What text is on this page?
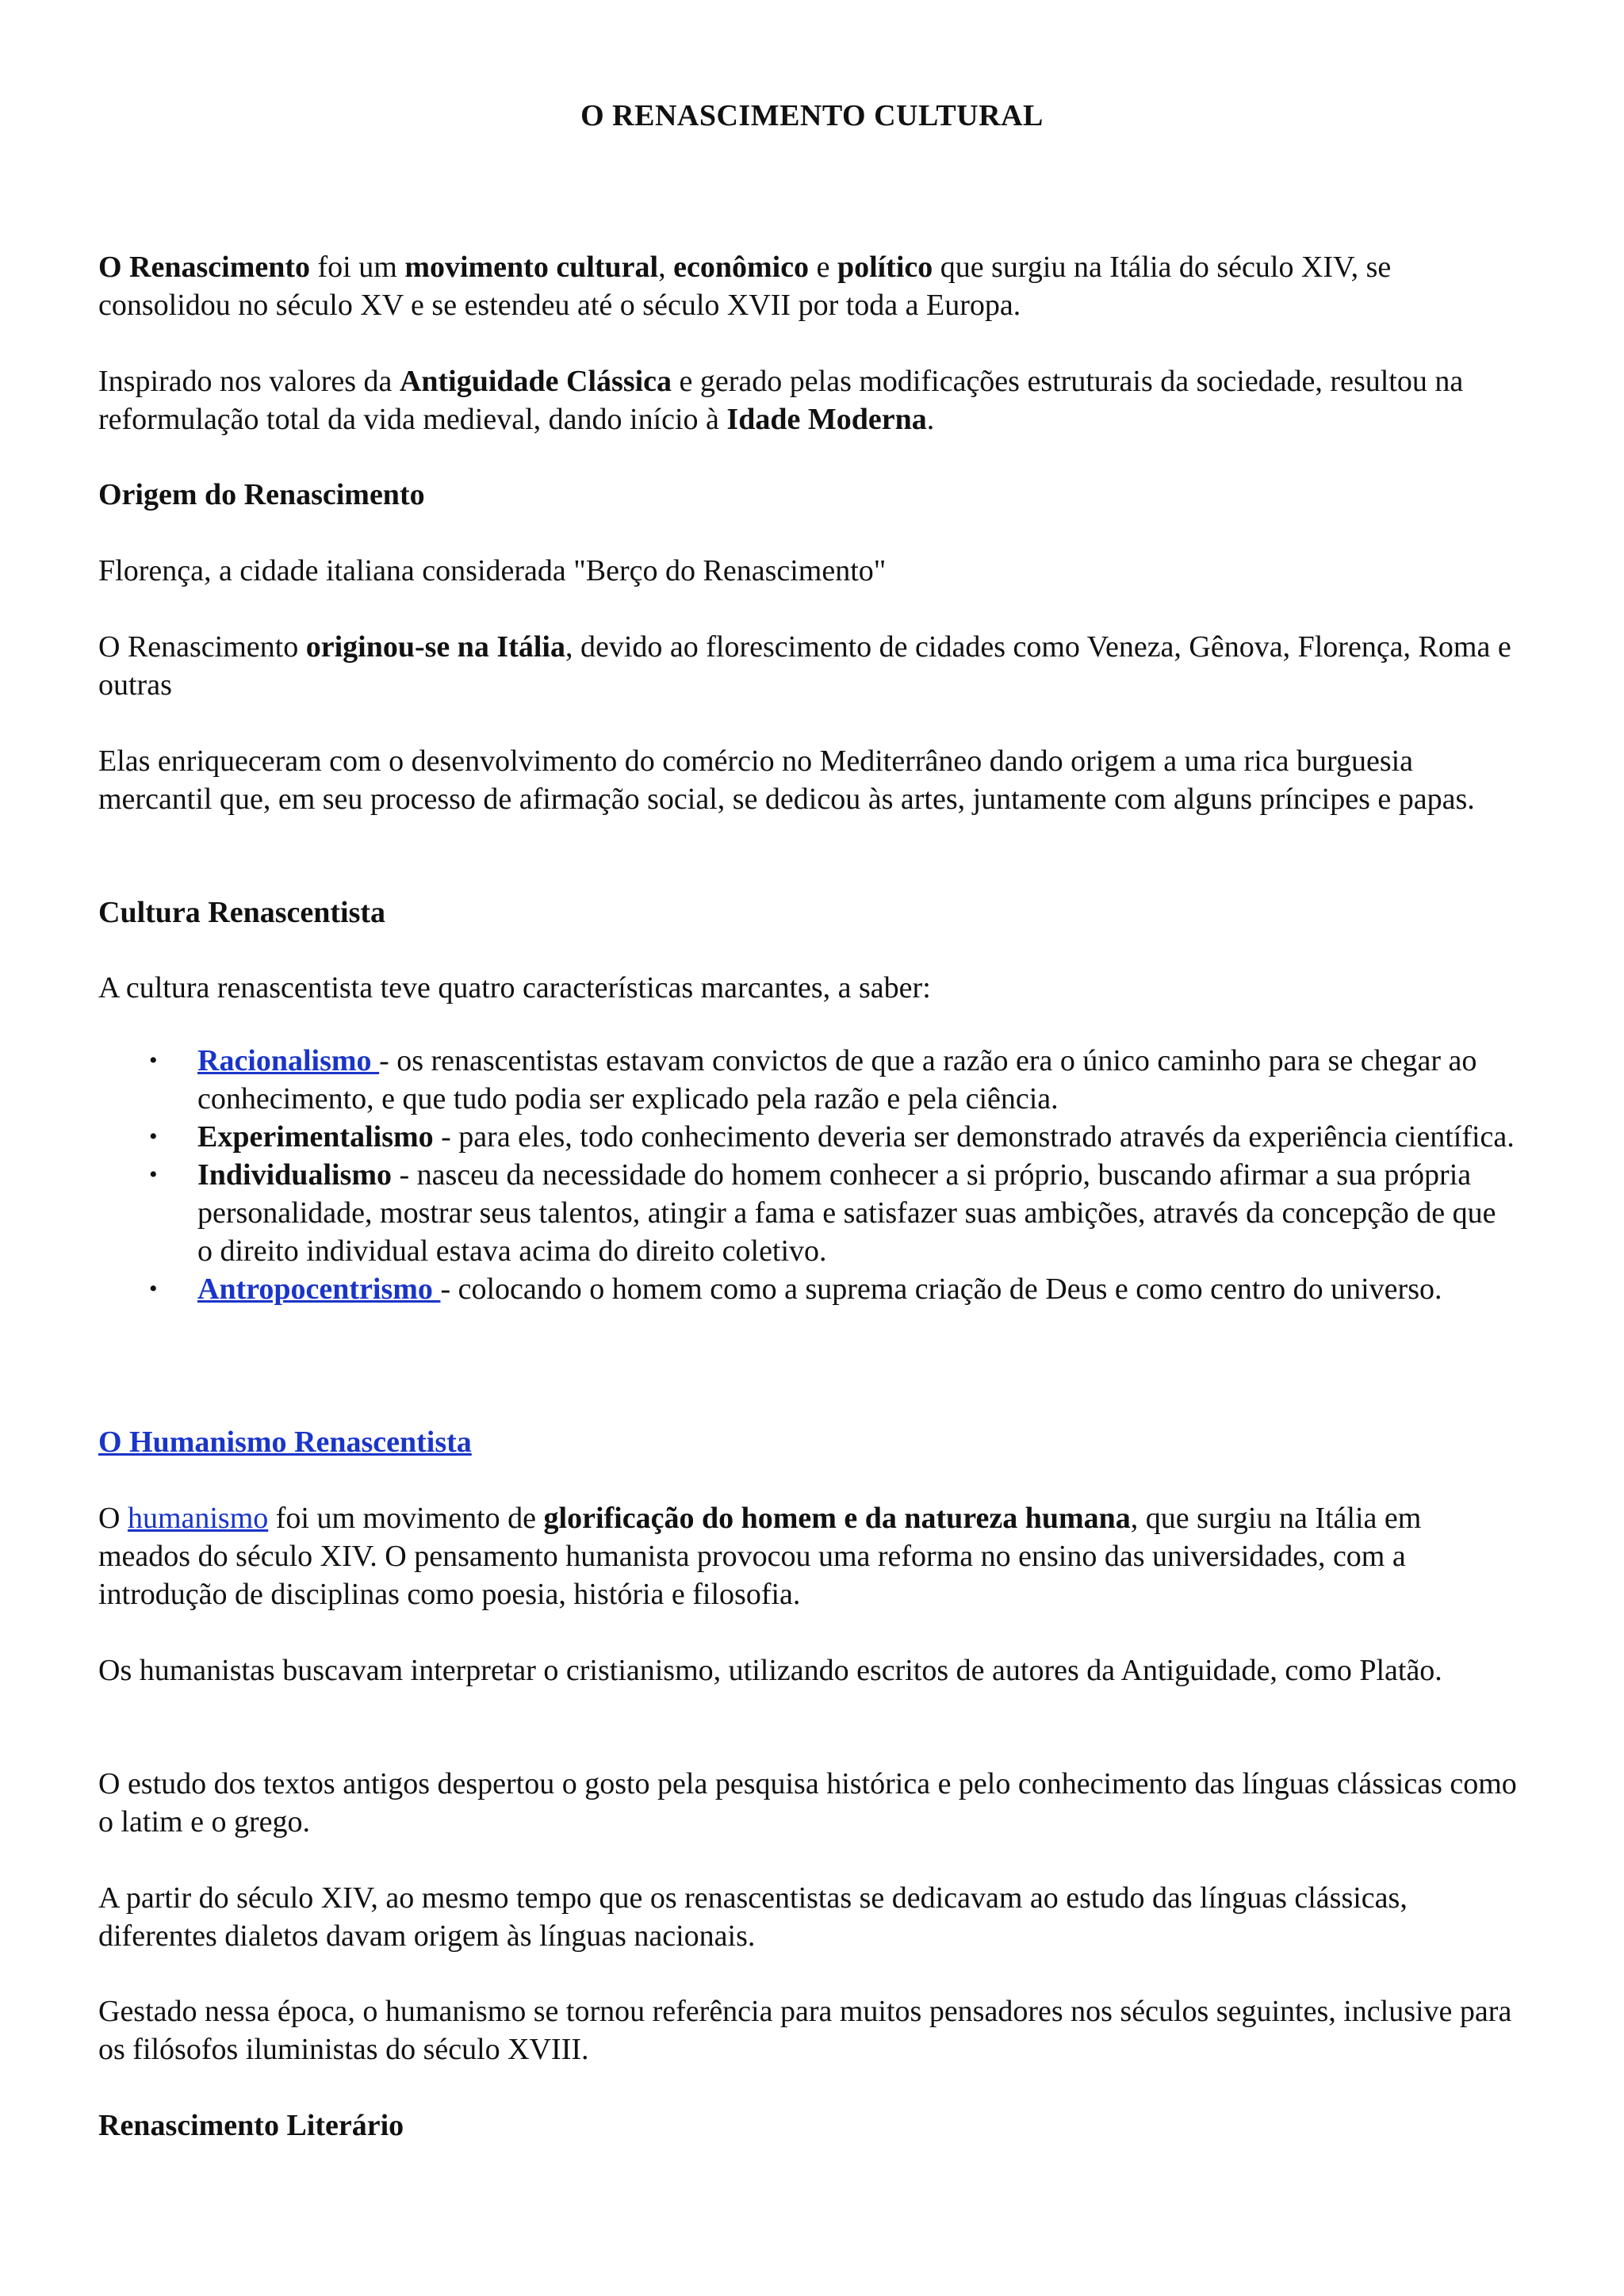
O RENASCIMENTO CULTURAL

O Renascimento foi um movimento cultural, econômico e político que surgiu na Itália do século XIV, se consolidou no século XV e se estendeu até o século XVII por toda a Europa.

Inspirado nos valores da Antiguidade Clássica e gerado pelas modificações estruturais da sociedade, resultou na reformulação total da vida medieval, dando início à Idade Moderna.

Origem do Renascimento

Florença, a cidade italiana considerada "Berço do Renascimento"

O Renascimento originou-se na Itália, devido ao florescimento de cidades como Veneza, Gênova, Florença, Roma e outras

Elas enriqueceram com o desenvolvimento do comércio no Mediterrâneo dando origem a uma rica burguesia mercantil que, em seu processo de afirmação social, se dedicou às artes, juntamente com alguns príncipes e papas.

Cultura Renascentista

A cultura renascentista teve quatro características marcantes, a saber:

• Racionalismo - os renascentistas estavam convictos de que a razão era o único caminho para se chegar ao conhecimento, e que tudo podia ser explicado pela razão e pela ciência.
• Experimentalismo - para eles, todo conhecimento deveria ser demonstrado através da experiência científica.
• Individualismo - nasceu da necessidade do homem conhecer a si próprio, buscando afirmar a sua própria personalidade, mostrar seus talentos, atingir a fama e satisfazer suas ambições, através da concepção de que o direito individual estava acima do direito coletivo.
• Antropocentrismo - colocando o homem como a suprema criação de Deus e como centro do universo.

O Humanismo Renascentista

O humanismo foi um movimento de glorificação do homem e da natureza humana, que surgiu na Itália em meados do século XIV. O pensamento humanista provocou uma reforma no ensino das universidades, com a introdução de disciplinas como poesia, história e filosofia.

Os humanistas buscavam interpretar o cristianismo, utilizando escritos de autores da Antiguidade, como Platão.

O estudo dos textos antigos despertou o gosto pela pesquisa histórica e pelo conhecimento das línguas clássicas como o latim e o grego.

A partir do século XIV, ao mesmo tempo que os renascentistas se dedicavam ao estudo das línguas clássicas, diferentes dialetos davam origem às línguas nacionais.

Gestado nessa época, o humanismo se tornou referência para muitos pensadores nos séculos seguintes, inclusive para os filósofos iluministas do século XVIII.

Renascimento Literário
